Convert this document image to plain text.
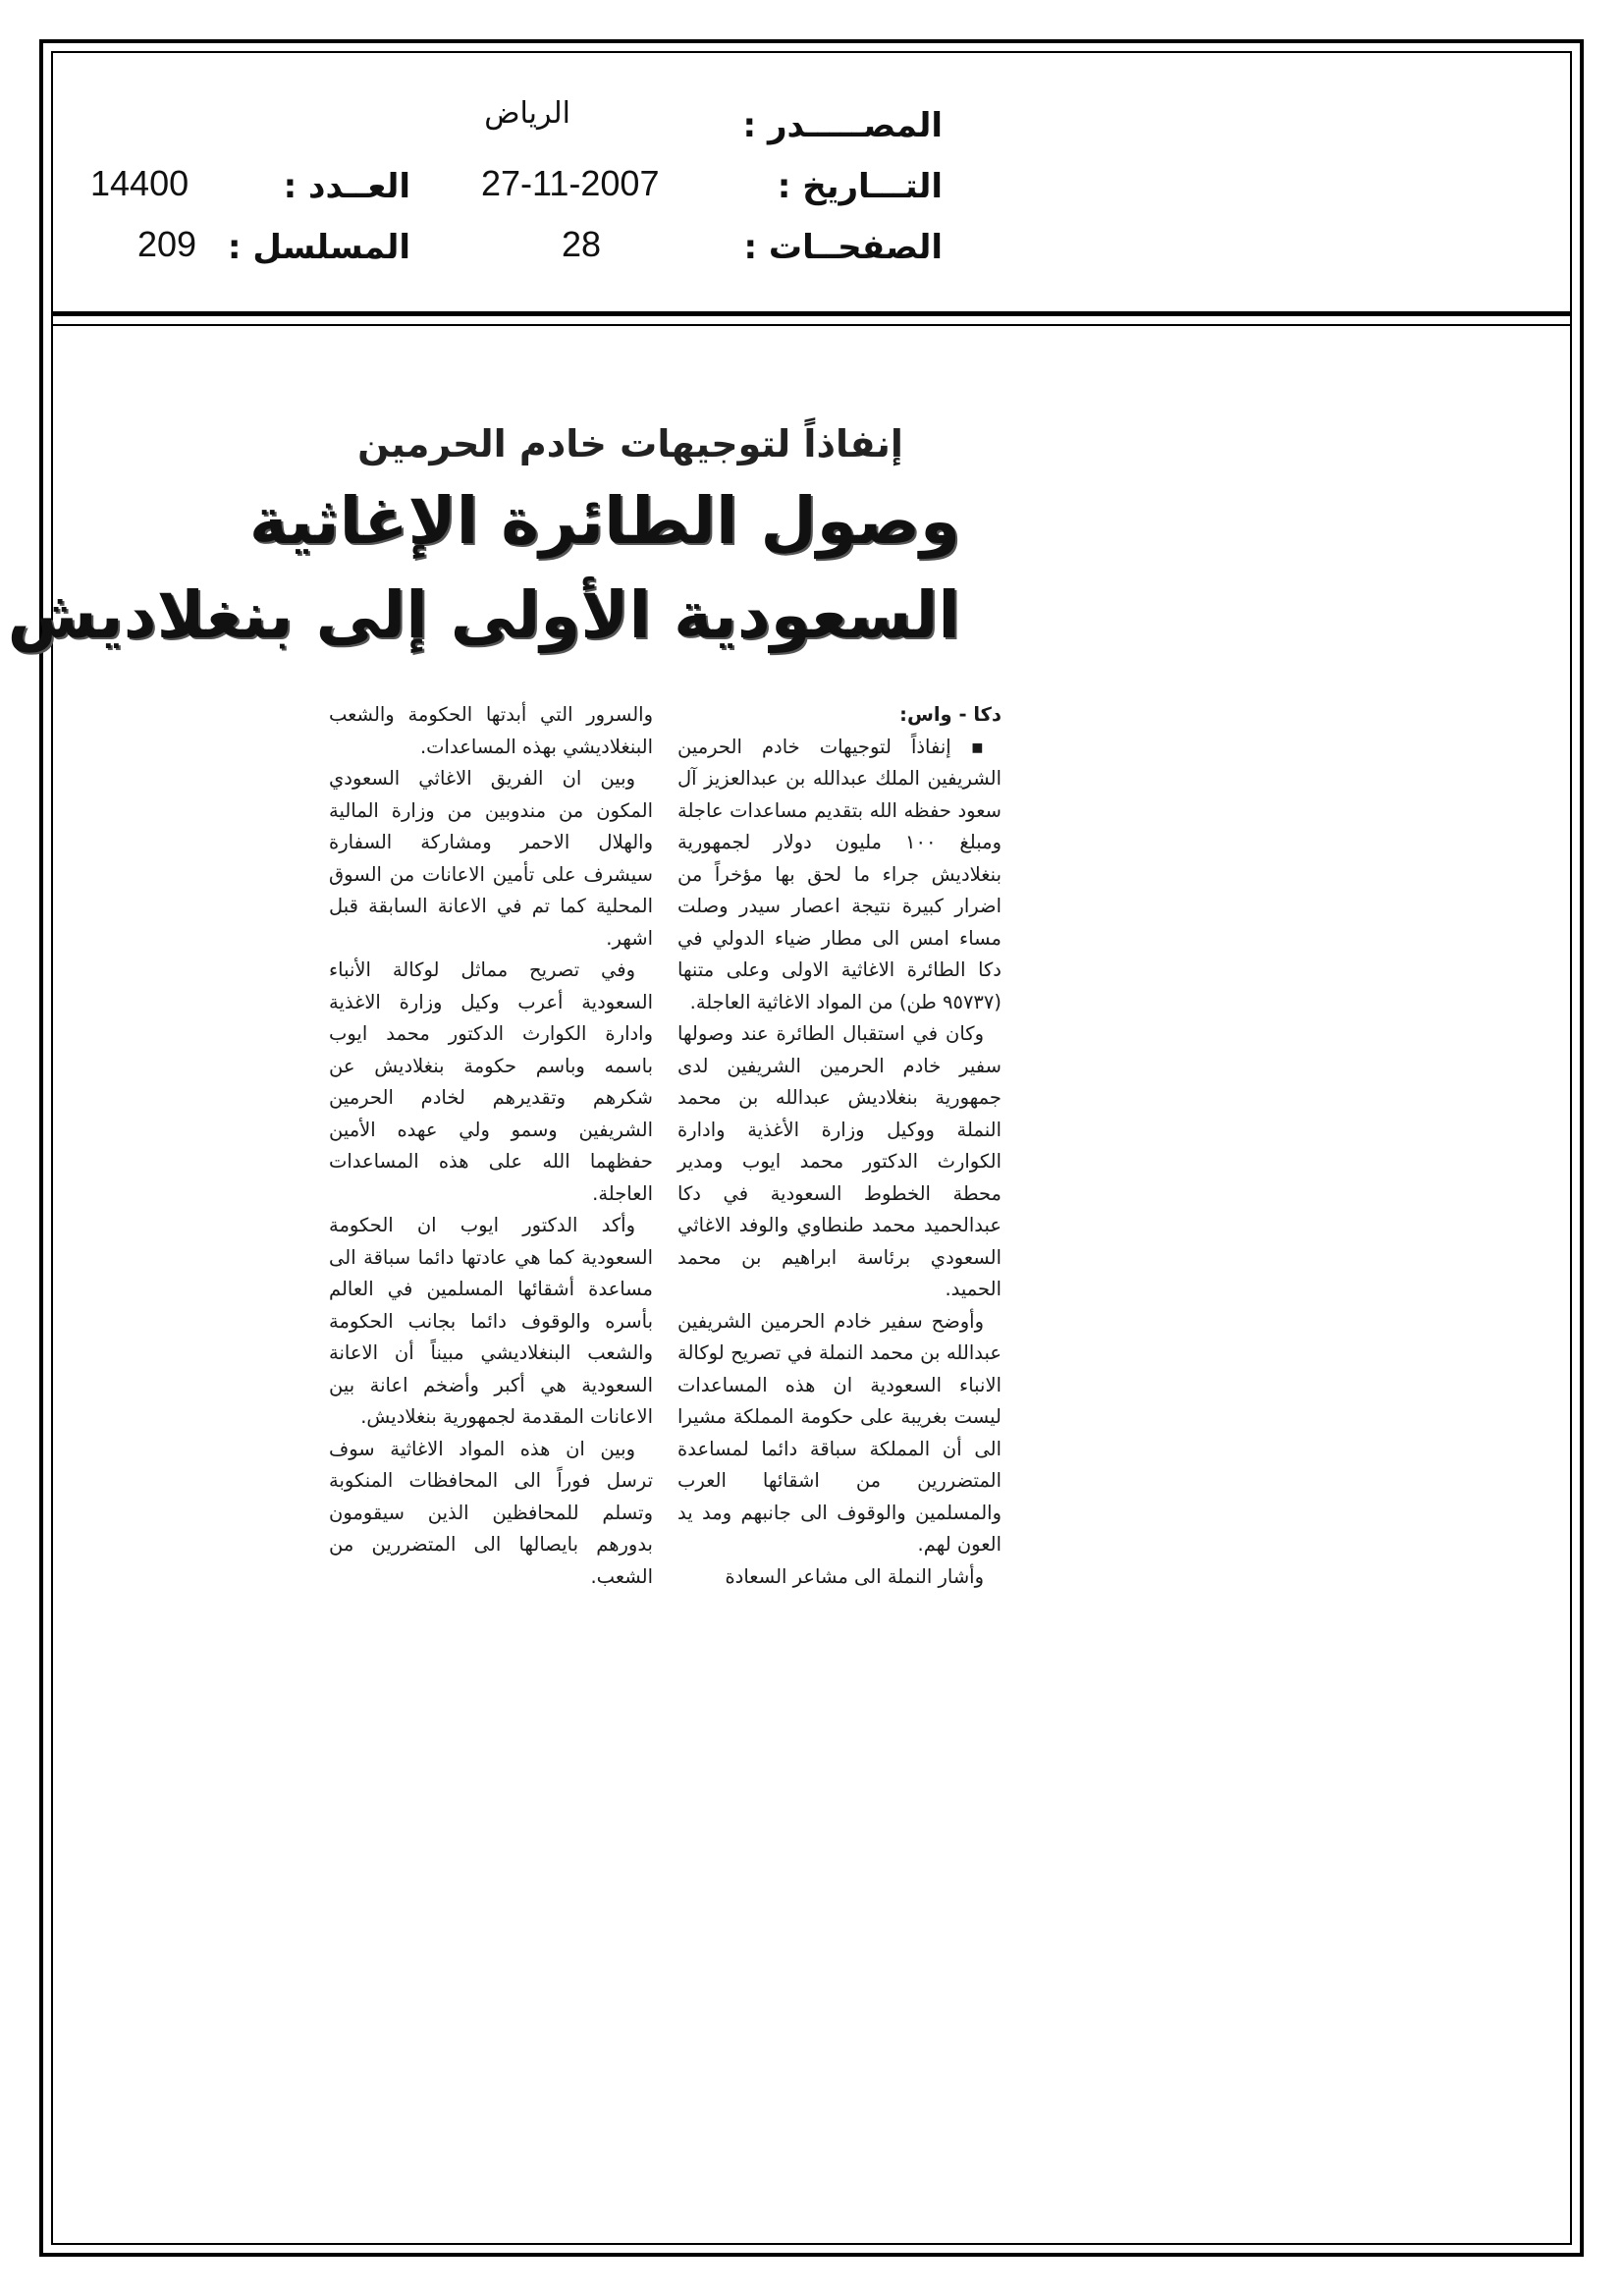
المصـــــدر :
الرياض
التـــاريخ :
27-11-2007
الصفحــات :
28
العــدد :
14400
المسلسل :
209
إنفاذاً لتوجيهات خادم الحرمين
وصول الطائرة الإغاثية
السعودية الأولى إلى بنغلاديش

دكا - واس:

▪ إنفاذاً لتوجيهات خادم الحرمين الشريفين الملك عبدالله بن عبدالعزيز آل سعود حفظه الله بتقديم مساعدات عاجلة ومبلغ ١٠٠ مليون دولار لجمهورية بنغلاديش جراء ما لحق بها مؤخراً من اضرار كبيرة نتيجة اعصار سيدر وصلت مساء امس الى مطار ضياء الدولي في دكا الطائرة الاغاثية الاولى وعلى متنها (٩٥٧٣٧ طن) من المواد الاغاثية العاجلة.

وكان في استقبال الطائرة عند وصولها سفير خادم الحرمين الشريفين لدى جمهورية بنغلاديش عبدالله بن محمد النملة ووكيل وزارة الأغذية وادارة الكوارث الدكتور محمد ايوب ومدير محطة الخطوط السعودية في دكا عبدالحميد محمد طنطاوي والوفد الاغاثي السعودي برئاسة ابراهيم بن محمد الحميد.

وأوضح سفير خادم الحرمين الشريفين عبدالله بن محمد النملة في تصريح لوكالة الانباء السعودية ان هذه المساعدات ليست بغريبة على حكومة المملكة مشيرا الى أن المملكة سباقة دائما لمساعدة المتضررين من اشقائها العرب والمسلمين والوقوف الى جانبهم ومد يد العون لهم.

وأشار النملة الى مشاعر السعادة

والسرور التي أبدتها الحكومة والشعب البنغلاديشي بهذه المساعدات.

وبين ان الفريق الاغاثي السعودي المكون من مندوبين من وزارة المالية والهلال الاحمر ومشاركة السفارة سيشرف على تأمين الاعانات من السوق المحلية كما تم في الاعانة السابقة قبل اشهر.

وفي تصريح مماثل لوكالة الأنباء السعودية أعرب وكيل وزارة الاغذية وادارة الكوارث الدكتور محمد ايوب باسمه وباسم حكومة بنغلاديش عن شكرهم وتقديرهم لخادم الحرمين الشريفين وسمو ولي عهده الأمين حفظهما الله على هذه المساعدات العاجلة.

وأكد الدكتور ايوب ان الحكومة السعودية كما هي عادتها دائما سباقة الى مساعدة أشقائها المسلمين في العالم بأسره والوقوف دائما بجانب الحكومة والشعب البنغلاديشي مبيناً أن الاعانة السعودية هي أكبر وأضخم اعانة بين الاعانات المقدمة لجمهورية بنغلاديش.

وبين ان هذه المواد الاغاثية سوف ترسل فوراً الى المحافظات المنكوبة وتسلم للمحافظين الذين سيقومون بدورهم بايصالها الى المتضررين من الشعب.
